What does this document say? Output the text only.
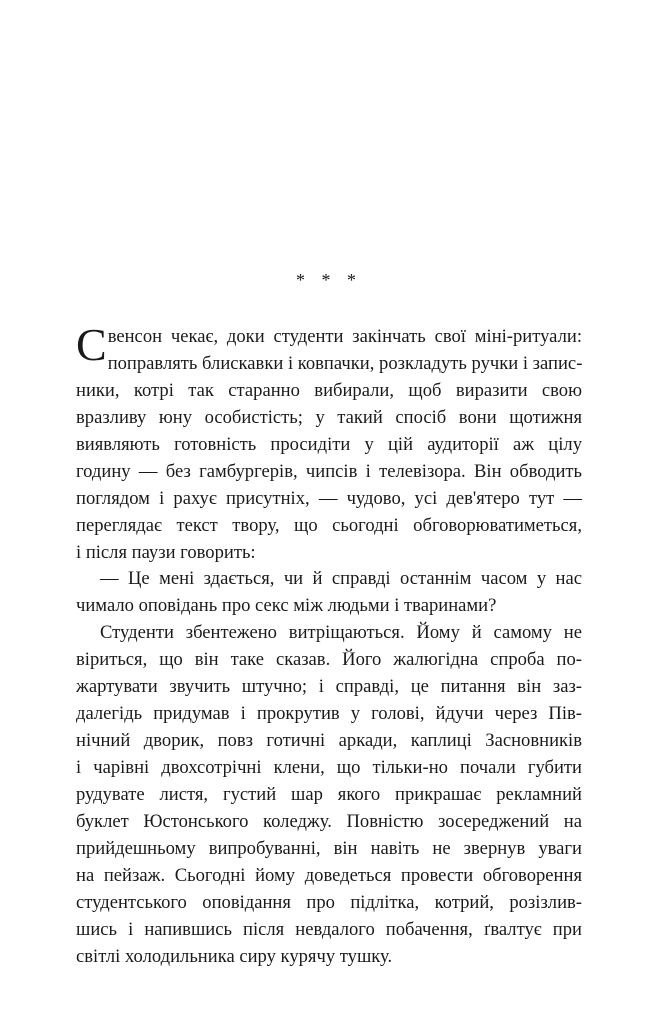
* * *
С венсон чекає, доки студенти закінчать свої міні-ритуали:
поправлять блискавки і ковпачки, розкладуть ручки і запис-
ники, котрі так старанно вибирали, щоб виразити свою
вразливу юну особистість; у такий спосіб вони щотижня
виявляють готовність просидіти у цій аудиторії аж цілу
годину — без гамбургерів, чипсів і телевізора. Він обводить
поглядом і рахує присутніх, — чудово, усі дев'ятеро тут —
переглядає текст твору, що сьогодні обговорюватиметься,
і після паузи говорить:
— Це мені здається, чи й справді останнім часом у нас
чимало оповідань про секс між людьми і тваринами?
Студенти збентежено витріщаються. Йому й самому не
віриться, що він таке сказав. Його жалюгідна спроба по-
жартувати звучить штучно; і справді, це питання він зaз-
далегідь придумав і прокрутив у голові, йдучи через Пів-
нічний дворик, повз готичні аркади, каплиці Засновників
і чарівні двохсотрічні клени, що тільки-но почали губити
рудувате листя, густий шар якого прикрашає рекламний
буклет Юстонського коледжу. Повністю зосереджений на
прийдешньому випробуванні, він навіть не звернув уваги
на пейзаж. Сьогодні йому доведеться провести обговорення
студентського оповідання про підлітка, котрий, розізлив-
шись і напившись після невдалого побачення, ґвалтує при
світлі холодильника сиру курячу тушку.
